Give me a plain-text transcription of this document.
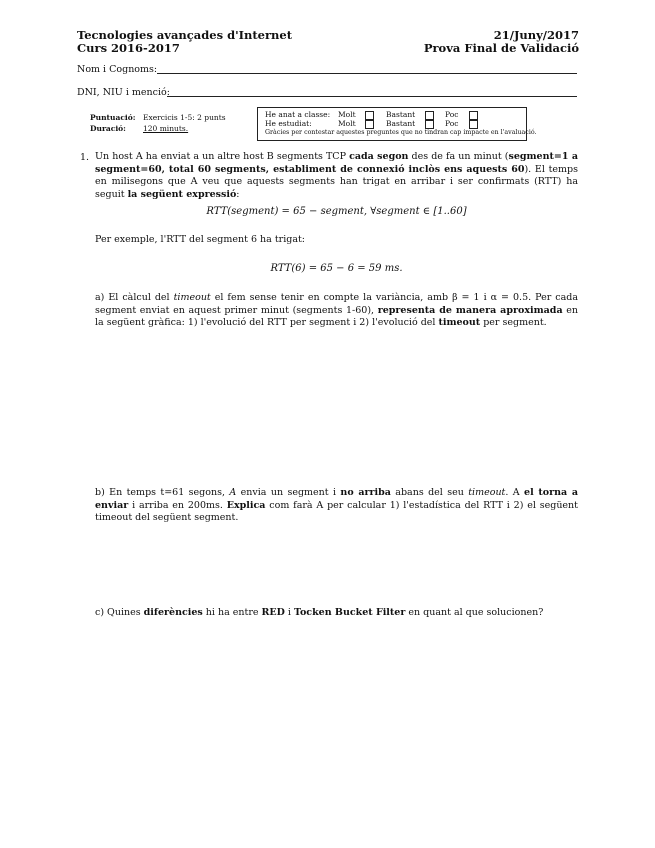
Tecnologies avançades d'Internet
Curs 2016-2017
21/Juny/2017
Prova Final de Validació
Nom i Cognoms:
DNI, NIU i menció:
Puntuació: Exercicis 1-5: 2 punts
Duració: 120 minuts.
He anat a classe: Molt	Bastant	Poc
He estudiat:	Molt	Bastant	Poc
Gràcies per contestar aquestes preguntes que no tindran cap impacte en l'avaluació.
1. Un host A ha enviat a un altre host B segments TCP cada segon des de fa un minut (segment=1 a segment=60, total 60 segments, establiment de connexió inclòs ens aquests 60). El temps en milisegons que A veu que aquests segments han trigat en arribar i ser confirmats (RTT) ha seguit la següent expressió:
RTT(segment) = 65 − segment, ∀segment ∈ [1..60]
Per exemple, l'RTT del segment 6 ha trigat:
RTT(6) = 65 − 6 = 59 ms.
a) El càlcul del timeout el fem sense tenir en compte la variància, amb β = 1 i α = 0.5. Per cada segment enviat en aquest primer minut (segments 1-60), representa de manera aproximada en la següent gràfica: 1) l'evolució del RTT per segment i 2) l'evolució del timeout per segment.
b) En temps t=61 segons, A envia un segment i no arriba abans del seu timeout. A el torna a enviar i arriba en 200ms. Explica com farà A per calcular 1) l'estadística del RTT i 2) el següent timeout del següent segment.
c) Quines diferències hi ha entre RED i Tocken Bucket Filter en quant al que solucionen?
